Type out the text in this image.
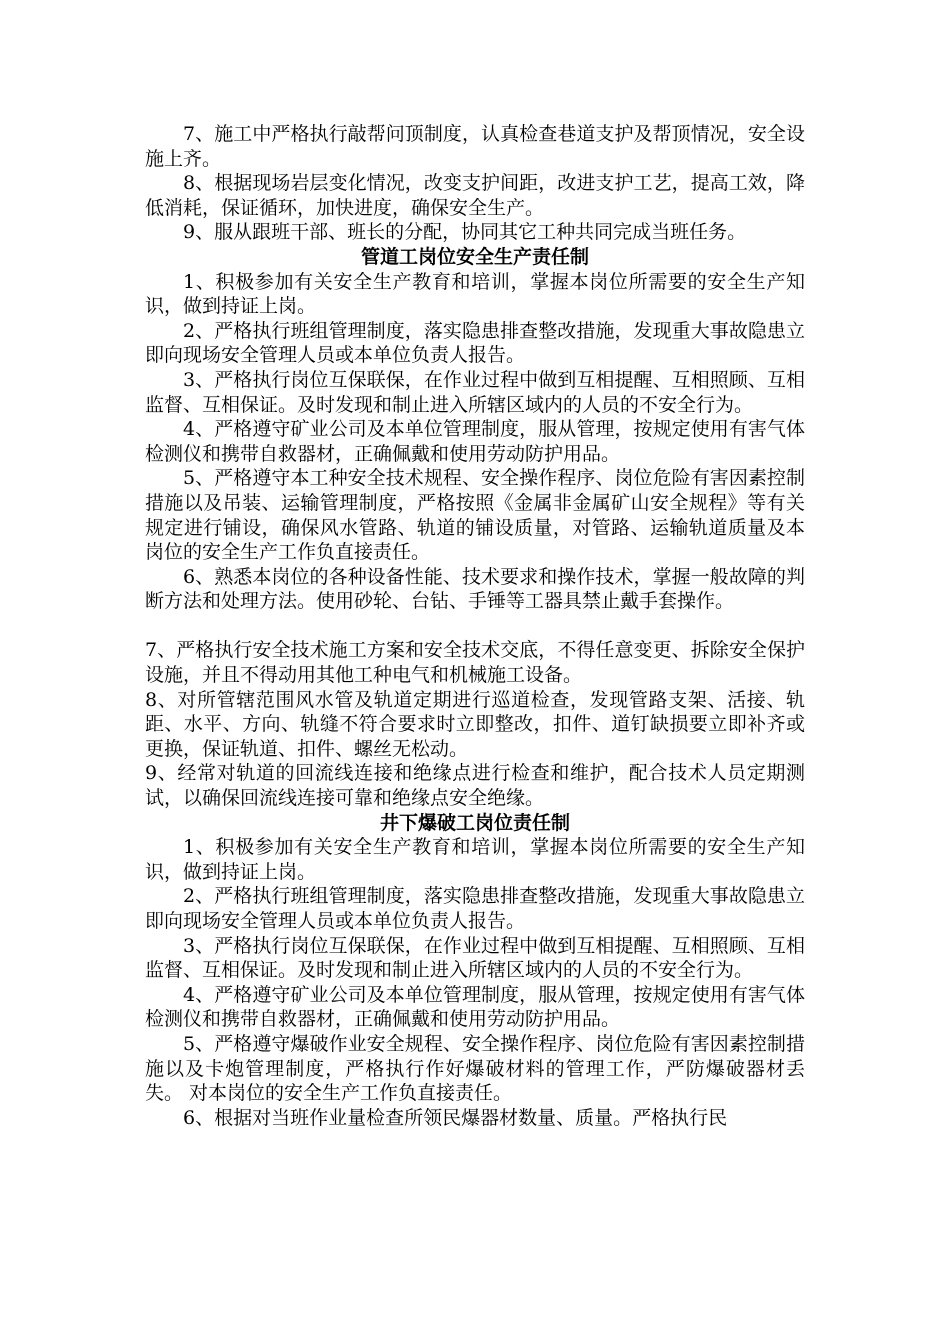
7、施工中严格执行敲帮问顶制度，认真检查巷道支护及帮顶情况，安全设施上齐。

8、根据现场岩层变化情况，改变支护间距，改进支护工艺，提高工效，降低消耗，保证循环，加快进度，确保安全生产。

9、服从跟班干部、班长的分配，协同其它工种共同完成当班任务。

管道工岗位安全生产责任制

1、积极参加有关安全生产教育和培训，掌握本岗位所需要的安全生产知识，做到持证上岗。

2、严格执行班组管理制度，落实隐患排查整改措施，发现重大事故隐患立即向现场安全管理人员或本单位负责人报告。

3、严格执行岗位互保联保，在作业过程中做到互相提醒、互相照顾、互相监督、互相保证。及时发现和制止进入所辖区域内的人员的不安全行为。

4、严格遵守矿业公司及本单位管理制度，服从管理，按规定使用有害气体检测仪和携带自救器材，正确佩戴和使用劳动防护用品。

5、严格遵守本工种安全技术规程、安全操作程序、岗位危险有害因素控制措施以及吊装、运输管理制度，严格按照《金属非金属矿山安全规程》等有关规定进行铺设，确保风水管路、轨道的铺设质量，对管路、运输轨道质量及本岗位的安全生产工作负直接责任。

6、熟悉本岗位的各种设备性能、技术要求和操作技术，掌握一般故障的判断方法和处理方法。使用砂轮、台钻、手锤等工器具禁止戴手套操作。

7、严格执行安全技术施工方案和安全技术交底，不得任意变更、拆除安全保护设施，并且不得动用其他工种电气和机械施工设备。

8、对所管辖范围风水管及轨道定期进行巡道检查，发现管路支架、活接、轨距、水平、方向、轨缝不符合要求时立即整改，扣件、道钉缺损要立即补齐或更换，保证轨道、扣件、螺丝无松动。

9、经常对轨道的回流线连接和绝缘点进行检查和维护，配合技术人员定期测试，以确保回流线连接可靠和绝缘点安全绝缘。

井下爆破工岗位责任制

1、积极参加有关安全生产教育和培训，掌握本岗位所需要的安全生产知识，做到持证上岗。

2、严格执行班组管理制度，落实隐患排查整改措施，发现重大事故隐患立即向现场安全管理人员或本单位负责人报告。

3、严格执行岗位互保联保，在作业过程中做到互相提醒、互相照顾、互相监督、互相保证。及时发现和制止进入所辖区域内的人员的不安全行为。

4、严格遵守矿业公司及本单位管理制度，服从管理，按规定使用有害气体检测仪和携带自救器材，正确佩戴和使用劳动防护用品。

5、严格遵守爆破作业安全规程、安全操作程序、岗位危险有害因素控制措施以及卡炮管理制度，严格执行作好爆破材料的管理工作，严防爆破器材丢失。 对本岗位的安全生产工作负直接责任。

6、根据对当班作业量检查所领民爆器材数量、质量。严格执行民
